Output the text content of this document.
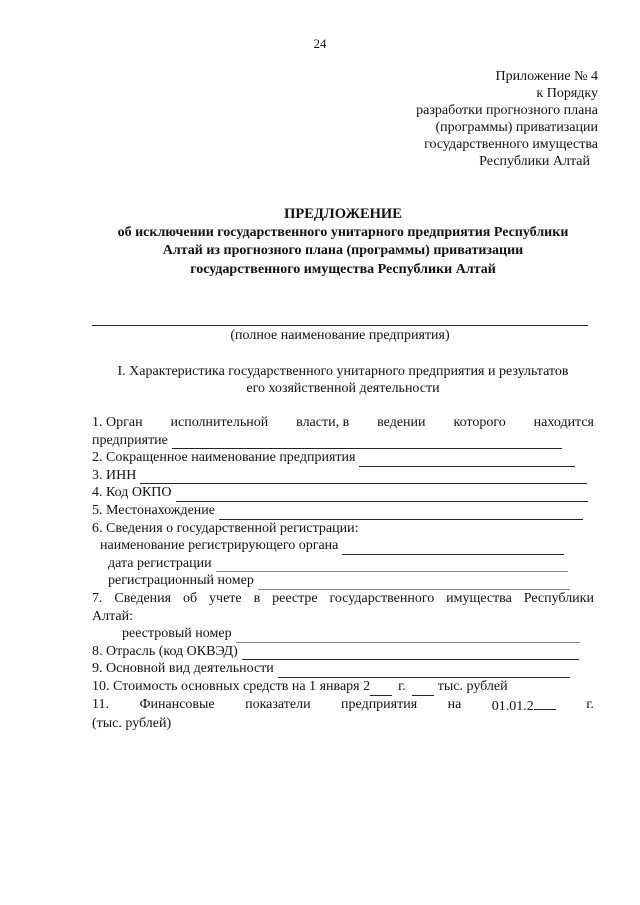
24
Приложение № 4
к Порядку
разработки прогнозного плана
(программы) приватизации
государственного имущества
Республики Алтай
ПРЕДЛОЖЕНИЕ
об исключении государственного унитарного предприятия Республики
Алтай из прогнозного плана (программы) приватизации
государственного имущества Республики Алтай
(полное наименование предприятия)
I. Характеристика государственного унитарного предприятия и результатов
его хозяйственной деятельности
1. Орган исполнительной власти, в ведении которого находится
предприятие
2. Сокращенное наименование предприятия
3. ИНН
4. Код ОКПО
5. Местонахождение
6. Сведения о государственной регистрации:
наименование регистрирующего органа
дата регистрации
регистрационный номер
7. Сведения об учете в реестре государственного имущества Республики
Алтай:
реестровый номер
8. Отрасль (код ОКВЭД)
9. Основной вид деятельности
10. Стоимость основных средств на 1 января 2 г. тыс. рублей
11. Финансовые показатели предприятия на 01.01.2	г.
(тыс. рублей)
